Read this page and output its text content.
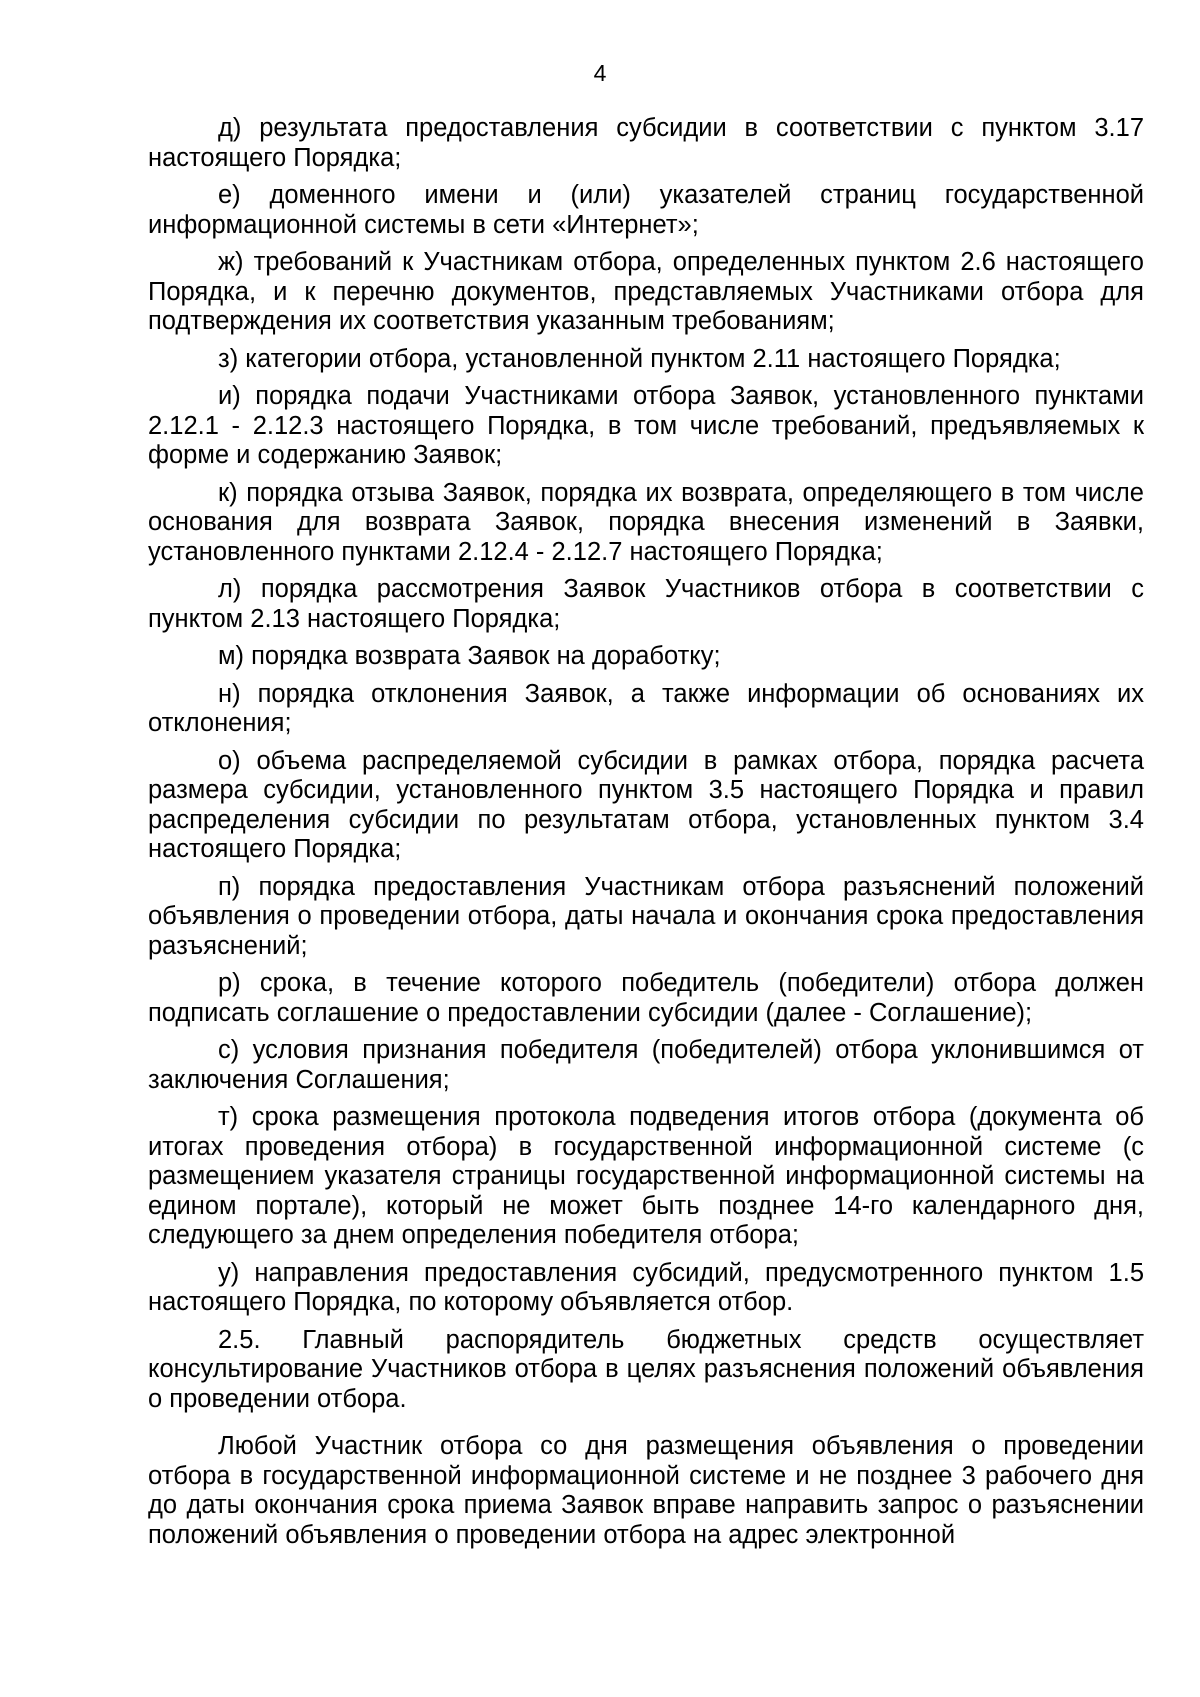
4

д) результата предоставления субсидии в соответствии с пунктом 3.17 настоящего Порядка;

е) доменного имени и (или) указателей страниц государственной информационной системы в сети «Интернет»;

ж) требований к Участникам отбора, определенных пунктом 2.6 настоящего Порядка, и к перечню документов, представляемых Участниками отбора для подтверждения их соответствия указанным требованиям;

з) категории отбора, установленной пунктом 2.11 настоящего Порядка;

и) порядка подачи Участниками отбора Заявок, установленного пунктами 2.12.1 - 2.12.3 настоящего Порядка, в том числе требований, предъявляемых к форме и содержанию Заявок;

к) порядка отзыва Заявок, порядка их возврата, определяющего в том числе основания для возврата Заявок, порядка внесения изменений в Заявки, установленного пунктами 2.12.4 - 2.12.7 настоящего Порядка;

л) порядка рассмотрения Заявок Участников отбора в соответствии с пунктом 2.13 настоящего Порядка;

м) порядка возврата Заявок на доработку;

н) порядка отклонения Заявок, а также информации об основаниях их отклонения;

о) объема распределяемой субсидии в рамках отбора, порядка расчета размера субсидии, установленного пунктом 3.5 настоящего Порядка и правил распределения субсидии по результатам отбора, установленных пунктом 3.4 настоящего Порядка;

п) порядка предоставления Участникам отбора разъяснений положений объявления о проведении отбора, даты начала и окончания срока предоставления разъяснений;

р) срока, в течение которого победитель (победители) отбора должен подписать соглашение о предоставлении субсидии (далее - Соглашение);

с) условия признания победителя (победителей) отбора уклонившимся от заключения Соглашения;

т) срока размещения протокола подведения итогов отбора (документа об итогах проведения отбора) в государственной информационной системе (с размещением указателя страницы государственной информационной системы на едином портале), который не может быть позднее 14-го календарного дня, следующего за днем определения победителя отбора;

у) направления предоставления субсидий, предусмотренного пунктом 1.5 настоящего Порядка, по которому объявляется отбор.

2.5. Главный распорядитель бюджетных средств осуществляет консультирование Участников отбора в целях разъяснения положений объявления о проведении отбора.

Любой Участник отбора со дня размещения объявления о проведении отбора в государственной информационной системе и не позднее 3 рабочего дня до даты окончания срока приема Заявок вправе направить запрос о разъяснении положений объявления о проведении отбора на адрес электронной
